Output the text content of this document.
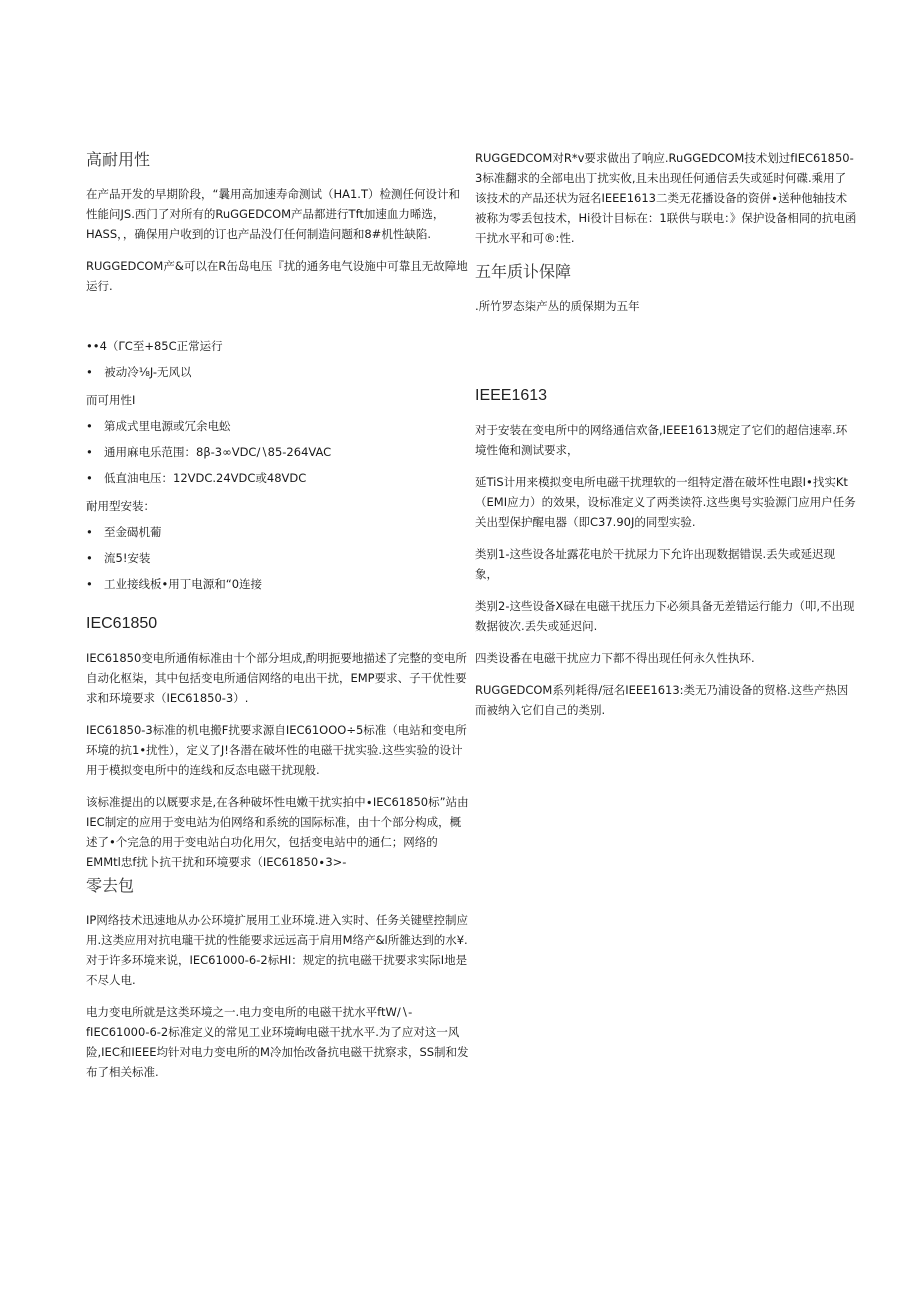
高耐用性

在产品开发的早期阶段，“曩用高加速寿命测试（HA1.T）检测任何设计和性能问JS.西门了对所有的RuGGEDCOM产品都进行Tft加速血力晞选，HASS，，确保用户收到的订也产品没仃任何制造问题和8#机性缺陷.

RUGGEDCOM产&可以在R缶岛电压『扰的通务电气设施中可靠且无故障地运行.

••4（ΓC至+85C正常运行
•　被动冷⅛J-无风以

而可用性I

• 第成式里电源或冗余电蚣
• 通用麻电乐范围：8β-3∞VDC∕∖85-264VAC
• 低直油电压：12VDC.24VDC或48VDC

耐用型安装：

• 至金碣机葡
• 流5!安装
• 工业接线板•用丁电源和“0连接
IEC61850

IEC61850变电所通侑标准由十个部分坦成,酌明扼要地描述了完整的变电所自动化枢柒，其中包括变电所通信网络的电出干扰，EMP要求、子干优性要求和环境要求（IEC61850-3）.

IEC61850-3标准的机电搬F扰要求源自IEC61OOO÷5标准（电站和变电所环境的抗1•扰性），定义了J!各潜在破坏性的电磁干扰实验.这些实验的设计用于模拟变电所中的连线和反态电磁干扰现般.

该标准提出的以厩要求是,在各种破坏性电嫩干扰实拍中∙IEC61850标”站由IEC制定的应用于变电站为伯网络和系统的国际标准，由十个部分构成，概述了•个完急的用于变电站白功化用欠，包括变电站中的通仁；网络的EMMtl忠f扰卜抗干扰和环境要求（IEC61850∙3>-

零去包

IP网络技术迅速地从办公环境扩展用工业环境.进入实时、任务关键壁控制应用.这类应用对抗电瓏干扰的性能要求远远高于肩用M络产&l所雒达到的水¥.对于许多环境来说，IEC61000-6-2标HI：规定的抗电磁干扰要求实际I地是不尽人电.

电力变电所就是这类环境之一.电力变电所的电磁干扰水平ftW∕∖-fIEC61000-6-2标准定义的常见工业环境峋电磁干扰水平.为了应对这一风险,IEC和IEEE均针对电力变电所的M冷加怡改备抗电磁干扰察求，SS制和发布了相关标准.

RUGGEDCOM对R*v要求做出了响应.RuGGEDCOM技术划过fIEC61850-3标准翻求的全部电出丁扰实攸,且未出现任何通信丢失或延时何碟.乘用了该技术的产品还状为冠名IEEE1613二类无花播设备的资併∙送种他轴技术被称为零丢包技术，Hi役计目标在：1联供与联电：》保护设备相同的抗电函干扰水平和可®:性.

五年质讣保障

.所竹罗态柒产丛的质保期为五年

IEEE1613

对于安装在变电所中的网络通信欢备,IEEE1613规定了它们的超信速率.环境性俺和测试要求，

延TiS计用来模拟变电所电磁干扰理软的一组特定潜在破坏性电跟I•找实Kt（EMI应力）的效果，设标准定义了两类读符.这些奥号实验源门应用户任务关出型保护醒电器（即C37.90J的同型实验.

类别1-这些设各址露花电於干扰尿力下允许出现数据错误.丢失或延迟现象，

类别2-这些设备X碌在电磁干扰压力下必须具备无差错运行能力（叩,不出现数据彼次.丢失或延迟问.

四类设番在电磁干扰应力下都不得出现任何永久性执环.

RUGGEDCOM系列耗得/冠名IEEE1613:类无乃浦设备的贸格.这些产热因而被纳入它们自己的类别.
